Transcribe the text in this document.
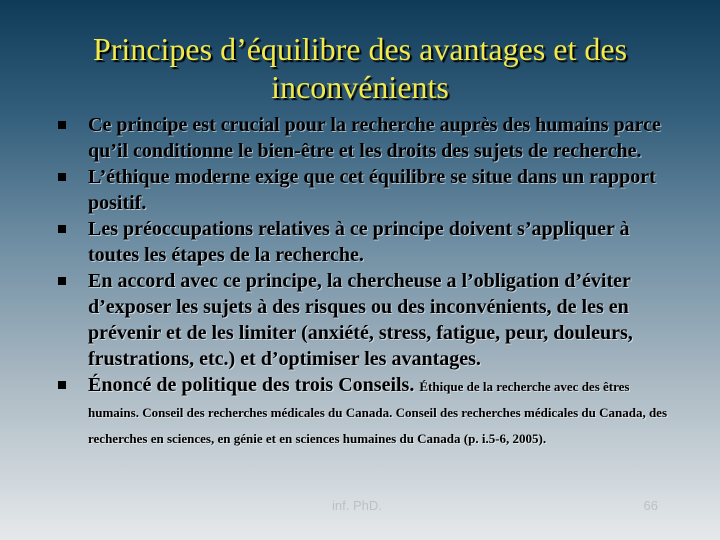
Principes d’équilibre des avantages et des inconvénients
Ce principe est crucial pour la recherche auprès des humains parce qu’il conditionne le bien-être et les droits des sujets de recherche.
L’éthique moderne exige que cet équilibre se situe dans un rapport positif.
Les préoccupations relatives à ce principe doivent s’appliquer à toutes les étapes de la recherche.
En accord avec ce principe, la chercheuse a l’obligation d’éviter d’exposer les sujets à des risques ou des inconvénients, de les en prévenir et de les limiter (anxiété, stress, fatigue, peur, douleurs, frustrations, etc.) et d’optimiser les avantages.
Énoncé de politique des trois Conseils. Éthique de la recherche avec des êtres humains. Conseil des recherches médicales du Canada. Conseil des recherches médicales du Canada, des recherches en sciences, en génie et en sciences humaines du Canada (p. i.5-6, 2005).
inf. PhD.	66
